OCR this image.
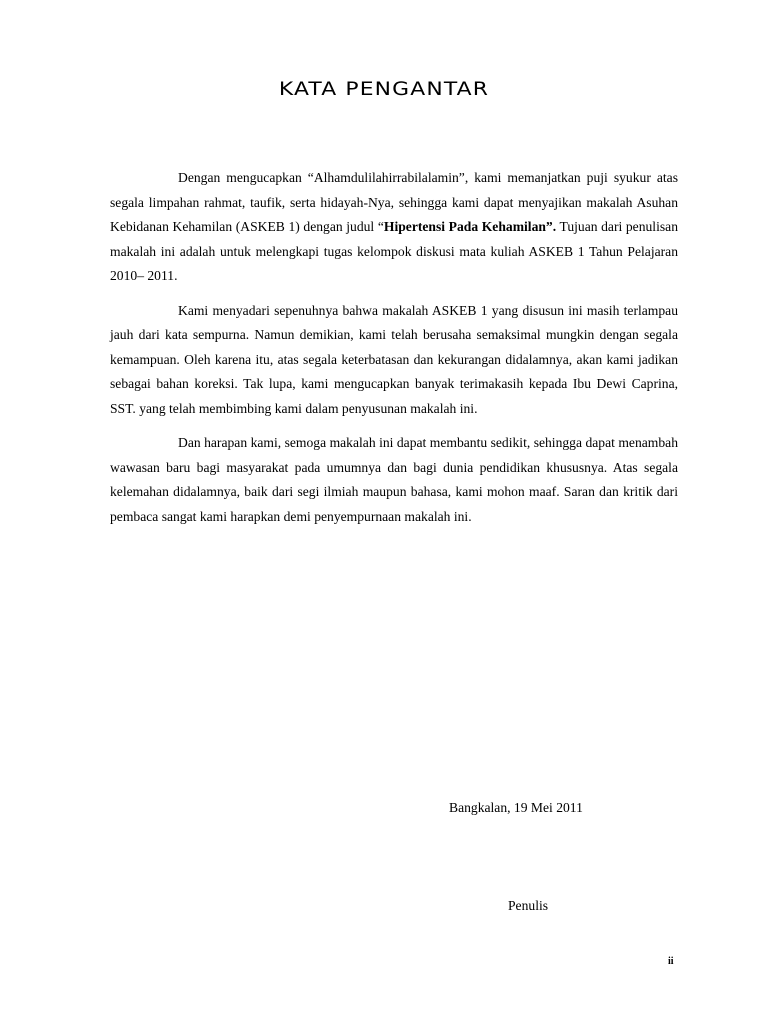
KATA PENGANTAR

Dengan mengucapkan “Alhamdulilahirrabilalamin”, kami memanjatkan puji syukur atas segala limpahan rahmat, taufik, serta hidayah-Nya, sehingga kami dapat menyajikan makalah Asuhan Kebidanan Kehamilan (ASKEB 1) dengan judul “Hipertensi Pada Kehamilan”. Tujuan dari penulisan makalah ini adalah untuk melengkapi tugas kelompok diskusi mata kuliah ASKEB 1 Tahun Pelajaran 2010– 2011.

Kami menyadari sepenuhnya bahwa makalah ASKEB 1 yang disusun ini masih terlampau jauh dari kata sempurna. Namun demikian, kami telah berusaha semaksimal mungkin dengan segala kemampuan. Oleh karena itu, atas segala keterbatasan dan kekurangan didalamnya, akan kami jadikan sebagai bahan koreksi. Tak lupa, kami mengucapkan banyak terimakasih kepada Ibu Dewi Caprina, SST. yang telah membimbing kami dalam penyusunan makalah ini.

Dan harapan kami, semoga makalah ini dapat membantu sedikit, sehingga dapat menambah wawasan baru bagi masyarakat pada umumnya dan bagi dunia pendidikan khususnya. Atas segala kelemahan didalamnya, baik dari segi ilmiah maupun bahasa, kami mohon maaf. Saran dan kritik dari pembaca sangat kami harapkan demi penyempurnaan makalah ini.

Bangkalan, 19 Mei 2011
Penulis
ii
